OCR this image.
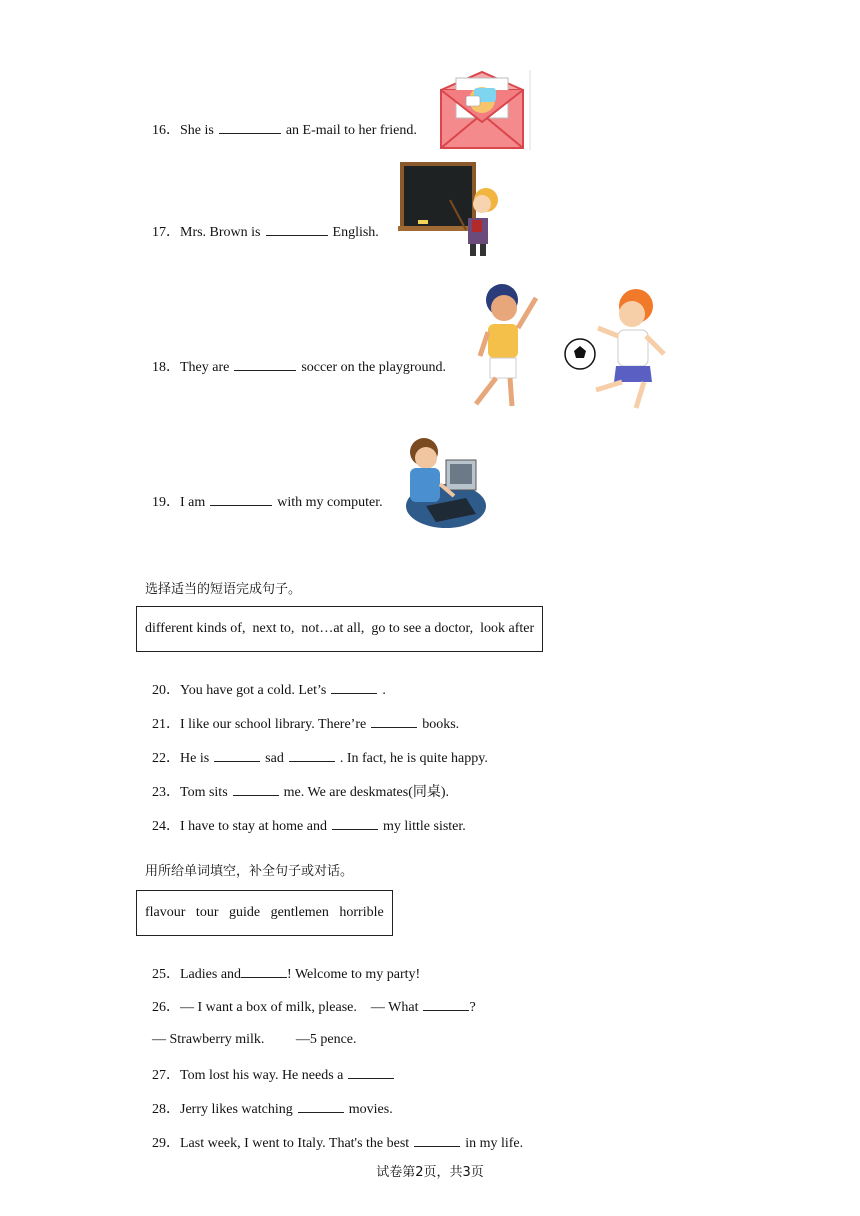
16．She is	an E-mail to her friend.

17．Mrs. Brown is	English.

18．They are	soccer on the playground.

19．I am	with my computer.

选择适当的短语完成句子。
different kinds of,  next to,  not…at all,  go to see a doctor,  look after

20．You have got a cold. Let’s	.

21．I like our school library. There’re	books.

22．He is	sad	. In fact, he is quite happy.

23．Tom sits	me. We are deskmates(同桌).

24．I have to stay at home and	my little sister.

用所给单词填空，补全句子或对话。
flavour   tour   guide   gentlemen   horrible

25．Ladies and	! Welcome to my party!

26．— I want a box of milk, please.    — What	?

— Strawberry milk.         —5 pence.

27．Tom lost his way. He needs a

28．Jerry likes watching	movies.

29．Last week, I went to Italy. That's the best	in my life.

试卷第2页，共3页
